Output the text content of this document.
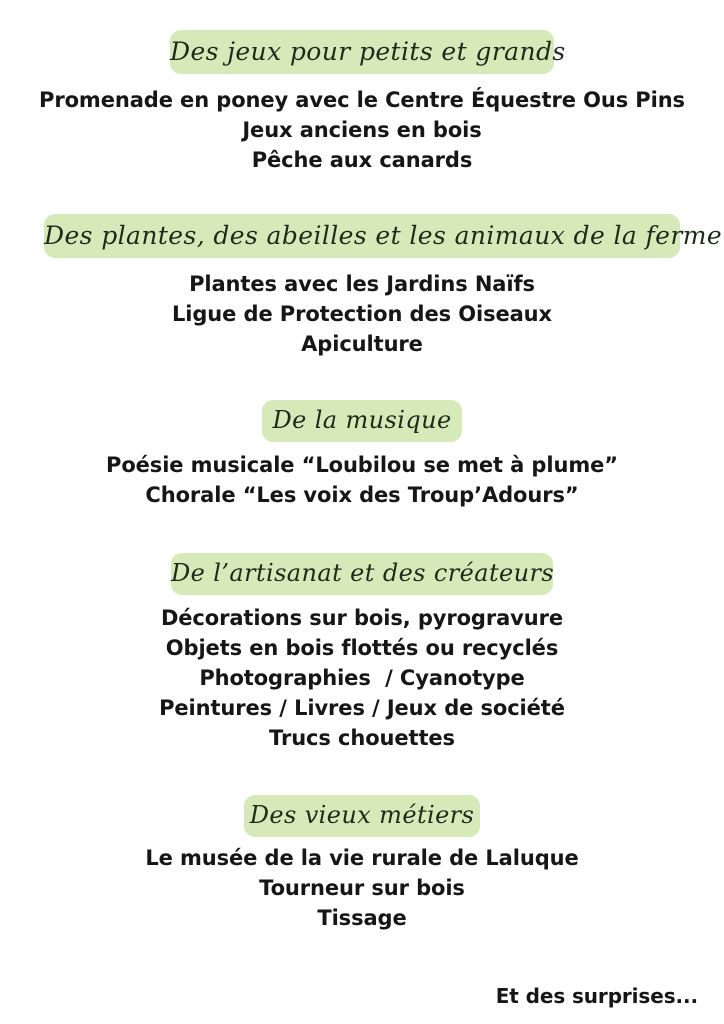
Des jeux pour petits et grands
Promenade en poney avec le Centre Équestre Ous Pins
Jeux anciens en bois
Pêche aux canards
Des plantes, des abeilles et les animaux de la ferme
Plantes avec les Jardins Naïfs
Ligue de Protection des Oiseaux
Apiculture
De la musique
Poésie musicale “Loubilou se met à plume”
Chorale “Les voix des Troup’Adours”
De l’artisanat et des créateurs
Décorations sur bois, pyrogravure
Objets en bois flottés ou recyclés
Photographies  / Cyanotype
Peintures / Livres / Jeux de société
Trucs chouettes
Des vieux métiers
Le musée de la vie rurale de Laluque
Tourneur sur bois
Tissage
Et des surprises...
